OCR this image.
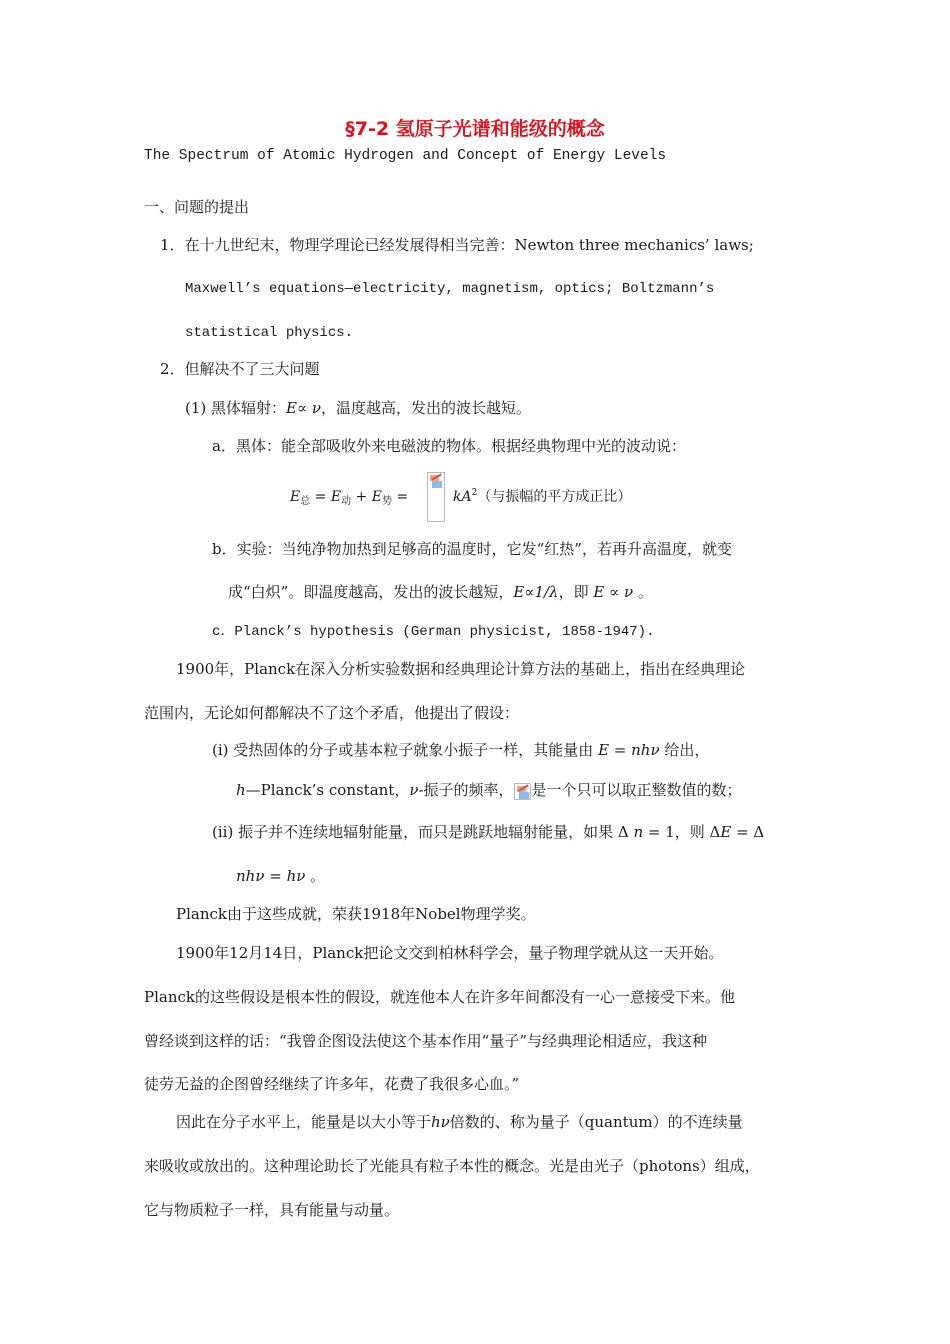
§7-2 氢原子光谱和能级的概念
The Spectrum of Atomic Hydrogen and Concept of Energy Levels
一、问题的提出
1．在十九世纪末，物理学理论已经发展得相当完善：Newton three mechanics’ laws;
Maxwell’s equations—electricity, magnetism, optics; Boltzmann’s
statistical physics.
2．但解决不了三大问题
(1) 黑体辐射：E∝ ν，温度越高，发出的波长越短。
a．黑体：能全部吸收外来电磁波的物体。根据经典物理中光的波动说：
$E_总 = E_动 + E_势$ =	$kA^2$（与振幅的平方成正比）
b．实验：当纯净物加热到足够高的温度时，它发“红热”，若再升高温度，就变
成“白炽”。即温度越高，发出的波长越短，E∝1/λ，即 E ∝ ν 。
c．Planck’s hypothesis (German physicist, 1858-1947).
1900年，Planck在深入分析实验数据和经典理论计算方法的基础上，指出在经典理论
范围内，无论如何都解决不了这个矛盾，他提出了假设：
(i) 受热固体的分子或基本粒子就象小振子一样，其能量由 E = nhν 给出，
h—Planck’s constant，ν-振子的频率， 是一个只可以取正整数值的数；
(ii) 振子并不连续地辐射能量，而只是跳跃地辐射能量，如果 Δ n = 1，则 ΔE = Δ
nhν = hν 。
Planck由于这些成就，荣获1918年Nobel物理学奖。
1900年12月14日，Planck把论文交到柏林科学会，量子物理学就从这一天开始。
Planck的这些假设是根本性的假设，就连他本人在许多年间都没有一心一意接受下来。他
曾经谈到这样的话：“我曾企图设法使这个基本作用“量子”与经典理论相适应，我这种
徒劳无益的企图曾经继续了许多年，花费了我很多心血。”
因此在分子水平上，能量是以大小等于hν倍数的、称为量子（quantum）的不连续量
来吸收或放出的。这种理论助长了光能具有粒子本性的概念。光是由光子（photons）组成，
它与物质粒子一样，具有能量与动量。
